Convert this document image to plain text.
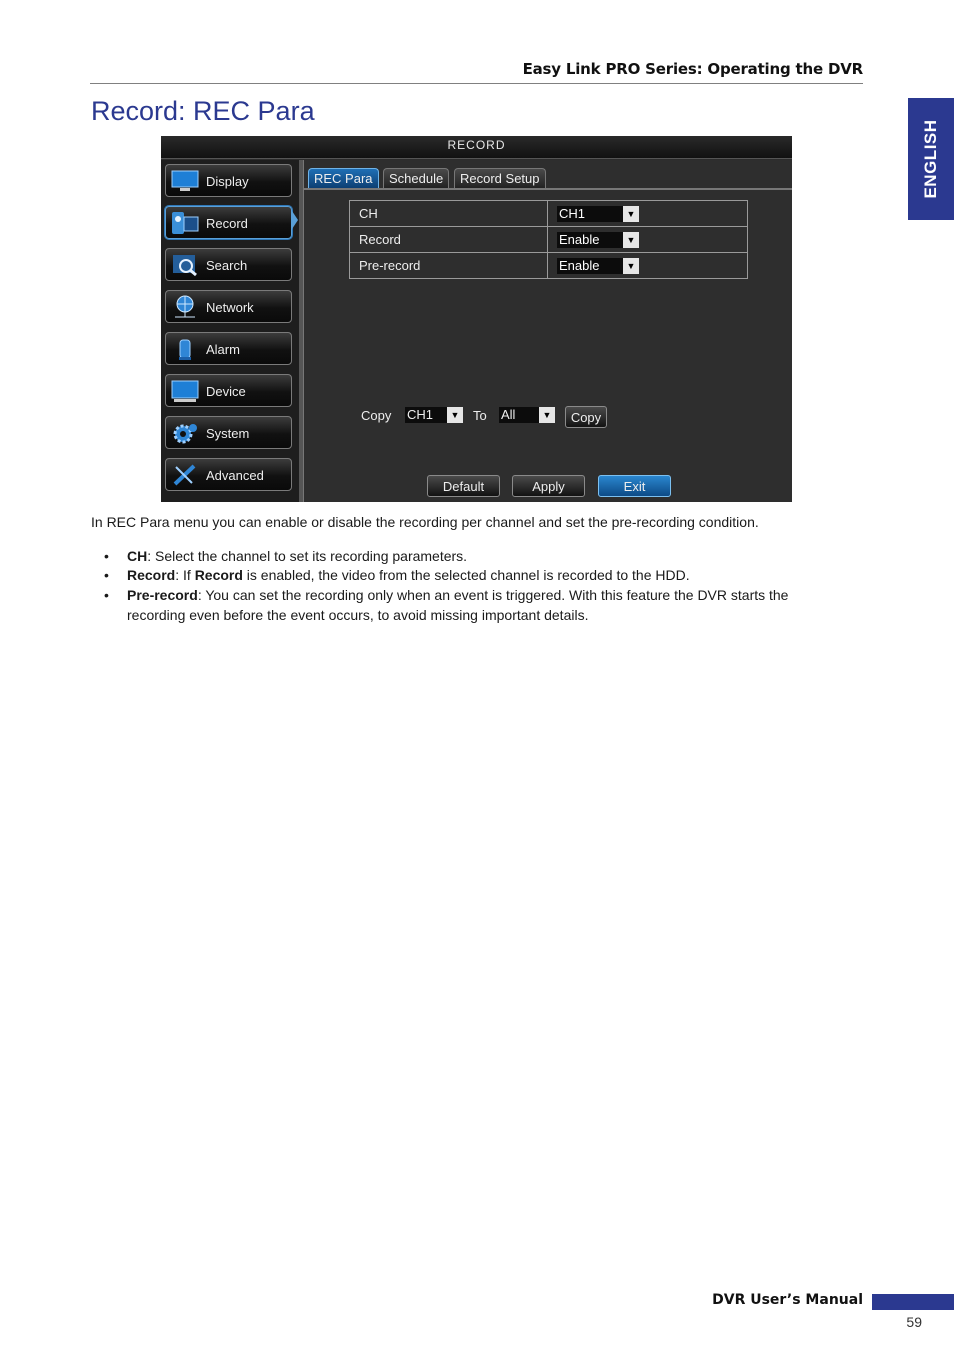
Easy Link PRO Series: Operating the DVR
ENGLISH
Record: REC Para
RECORD
Display
Record
Search
Network
Alarm
Device
System
Advanced
REC Para	Schedule	Record Setup
CH	CH1 ▼

Record	Enable ▼

Pre-record	Enable ▼
Copy CH1	▼ To All	▼	Copy
Default	Apply	Exit

In REC Para menu you can enable or disable the recording per channel and set the pre-recording condition.

• CH: Select the channel to set its recording parameters.
• Record: If Record is enabled, the video from the selected channel is recorded to the HDD.
• Pre-record: You can set the recording only when an event is triggered. With this feature the DVR starts the recording even before the event occurs, to avoid missing important details.
DVR User’s Manual
59
